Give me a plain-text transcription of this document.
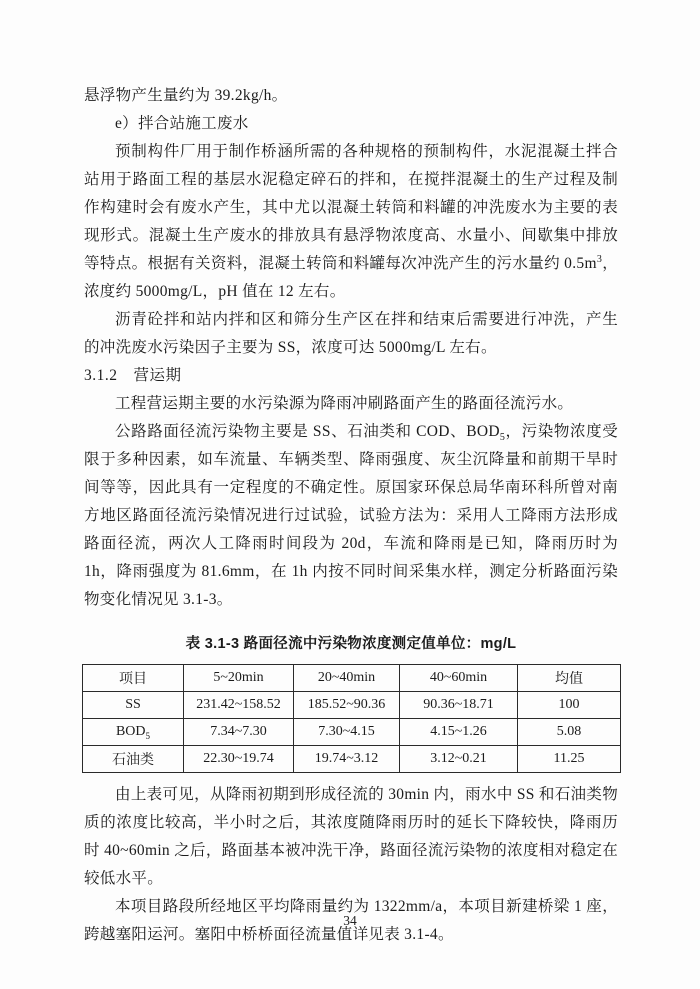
悬浮物产生量约为 39.2kg/h。

e）拌合站施工废水

预制构件厂用于制作桥涵所需的各种规格的预制构件，水泥混凝土拌合站用于路面工程的基层水泥稳定碎石的拌和，在搅拌混凝土的生产过程及制作构建时会有废水产生，其中尤以混凝土转筒和料罐的冲洗废水为主要的表现形式。混凝土生产废水的排放具有悬浮物浓度高、水量小、间歇集中排放等特点。根据有关资料，混凝土转筒和料罐每次冲洗产生的污水量约 $0.5m^3$，浓度约 5000mg/L，pH 值在 12 左右。

沥青砼拌和站内拌和区和筛分生产区在拌和结束后需要进行冲洗，产生的冲洗废水污染因子主要为 SS，浓度可达 5000mg/L 左右。

3.1.2　营运期

工程营运期主要的水污染源为降雨冲刷路面产生的路面径流污水。

公路路面径流污染物主要是 SS、石油类和 COD、$BOD_5$，污染物浓度受限于多种因素，如车流量、车辆类型、降雨强度、灰尘沉降量和前期干旱时间等等，因此具有一定程度的不确定性。原国家环保总局华南环科所曾对南方地区路面径流污染情况进行过试验，试验方法为：采用人工降雨方法形成路面径流，两次人工降雨时间段为 20d，车流和降雨是已知，降雨历时为 1h，降雨强度为 81.6mm，在 1h 内按不同时间采集水样，测定分析路面污染物变化情况见 3.1-3。

表 3.1-3 路面径流中污染物浓度测定值单位：mg/L

项目	5~20min	20~40min	40~60min	均值
SS	231.42~158.52	185.52~90.36	90.36~18.71	100
$BOD_5$	7.34~7.30	7.30~4.15	4.15~1.26	5.08
石油类	22.30~19.74	19.74~3.12	3.12~0.21	11.25

由上表可见，从降雨初期到形成径流的 30min 内，雨水中 SS 和石油类物质的浓度比较高，半小时之后，其浓度随降雨历时的延长下降较快，降雨历时 40~60min 之后，路面基本被冲洗干净，路面径流污染物的浓度相对稳定在较低水平。

本项目路段所经地区平均降雨量约为 1322mm/a，本项目新建桥梁 1 座，跨越塞阳运河。塞阳中桥桥面径流量值详见表 3.1-4。

34
